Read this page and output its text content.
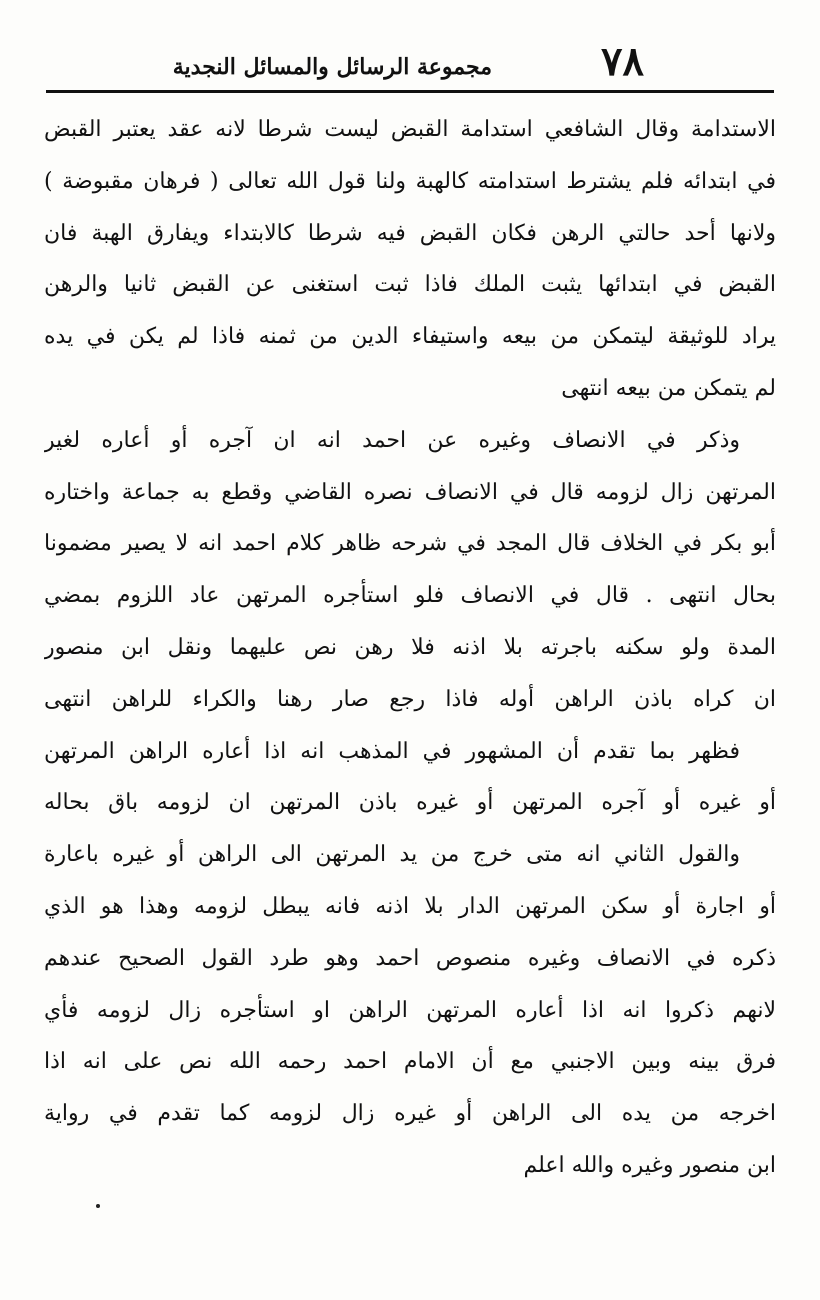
٧٨
مجموعة الرسائل والمسائل النجدية
الاستدامة وقال الشافعي استدامة القبض ليست شرطا لانه عقد يعتبر القبض
في ابتدائه فلم يشترط استدامته كالهبة ولنا قول الله تعالى ( فرهان مقبوضة )
ولانها أحد حالتي الرهن فكان القبض فيه شرطا كالابتداء ويفارق الهبة فان
القبض في ابتدائها يثبت الملك فاذا ثبت استغنى عن القبض ثانيا والرهن
يراد للوثيقة ليتمكن من بيعه واستيفاء الدين من ثمنه فاذا لم يكن في يده
لم يتمكن من بيعه انتهى
وذكر في الانصاف وغيره عن احمد انه ان آجره أو أعاره لغير
المرتهن زال لزومه قال في الانصاف نصره القاضي وقطع به جماعة واختاره
أبو بكر في الخلاف قال المجد في شرحه ظاهر كلام احمد انه لا يصير مضمونا
بحال انتهى . قال في الانصاف فلو استأجره المرتهن عاد اللزوم بمضي
المدة ولو سكنه باجرته بلا اذنه فلا رهن نص عليهما ونقل ابن منصور
ان كراه باذن الراهن أوله فاذا رجع صار رهنا والكراء للراهن انتهى
فظهر بما تقدم أن المشهور في المذهب انه اذا أعاره الراهن المرتهن
أو غيره أو آجره المرتهن أو غيره باذن المرتهن ان لزومه باق بحاله
والقول الثاني انه متى خرج من يد المرتهن الى الراهن أو غيره باعارة
أو اجارة أو سكن المرتهن الدار بلا اذنه فانه يبطل لزومه وهذا هو الذي
ذكره في الانصاف وغيره منصوص احمد وهو طرد القول الصحيح عندهم
لانهم ذكروا انه اذا أعاره المرتهن الراهن او استأجره زال لزومه فأي
فرق بينه وبين الاجنبي مع أن الامام احمد رحمه الله نص على انه اذا
اخرجه من يده الى الراهن أو غيره زال لزومه كما تقدم في رواية
ابن منصور وغيره والله اعلم
